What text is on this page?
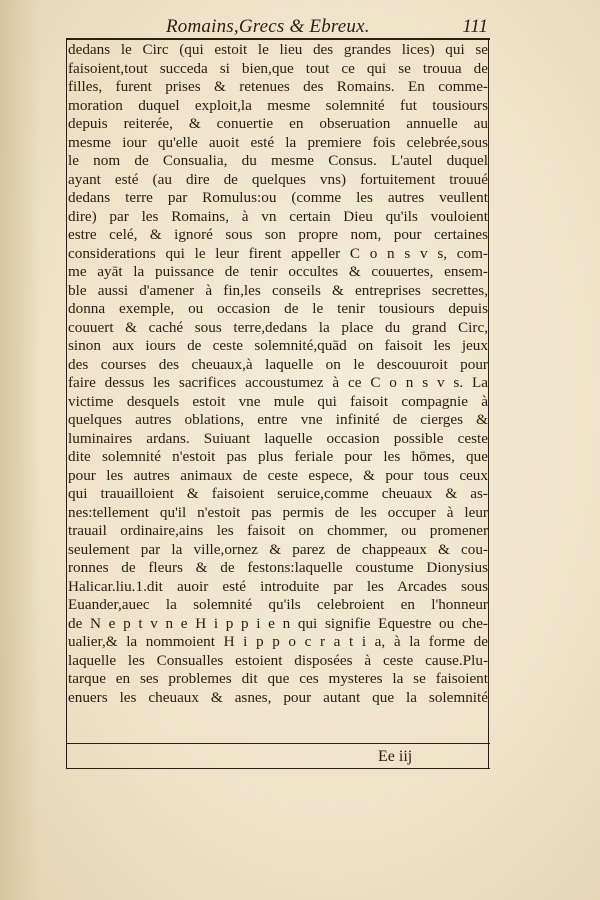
Romains,Grecs & Ebreux.	111
dedans le Circ (qui estoit le lieu des grandes lices) qui se
faisoient,tout succeda si bien,que tout ce qui se trouua de
filles, furent prises & retenues des Romains. En comme-
moration duquel exploit,la mesme solemnité fut tousiours
depuis reiterée, & conuertie en obseruation annuelle au
mesme iour qu'elle auoit esté la premiere fois celebrée,sous
le nom de Consualia, du mesme Consus. L'autel duquel
ayant esté (au dire de quelques vns) fortuitement trouué
dedans terre par Romulus:ou (comme les autres veullent
dire) par les Romains, à vn certain Dieu qu'ils vouloient
estre celé, & ignoré sous son propre nom, pour certaines
considerations qui le leur firent appeller C o n s v s, com-
me ayāt la puissance de tenir occultes & couuertes, ensem-
ble aussi d'amener à fin,les conseils & entreprises secrettes,
donna exemple, ou occasion de le tenir tousiours depuis
couuert & caché sous terre,dedans la place du grand Circ,
sinon aux iours de ceste solemnité,quād on faisoit les jeux
des courses des cheuaux,à laquelle on le descouuroit pour
faire dessus les sacrifices accoustumez à ce C o n s v s. La
victime desquels estoit vne mule qui faisoit compagnie à
quelques autres oblations, entre vne infinité de cierges &
luminaires ardans. Suiuant laquelle occasion possible ceste
dite solemnité n'estoit pas plus feriale pour les hōmes, que
pour les autres animaux de ceste espece, & pour tous ceux
qui trauailloient & faisoient seruice,comme cheuaux & as-
nes:tellement qu'il n'estoit pas permis de les occuper à leur
trauail ordinaire,ains les faisoit on chommer, ou promener
seulement par la ville,ornez & parez de chappeaux & cou-
ronnes de fleurs & de festons:laquelle coustume Dionysius
Halicar.liu.1.dit auoir esté introduite par les Arcades sous
Euander,auec la solemnité qu'ils celebroient en l'honneur
de N e p t v n e H i p p i e n qui signifie Equestre ou che-
ualier,& la nommoient H i p p o c r a t i a, à la forme de
laquelle les Consualles estoient disposées à ceste cause.Plu-
tarque en ses problemes dit que ces mysteres la se faisoient
enuers les cheuaux & asnes, pour autant que la solemnité
Ee iij
